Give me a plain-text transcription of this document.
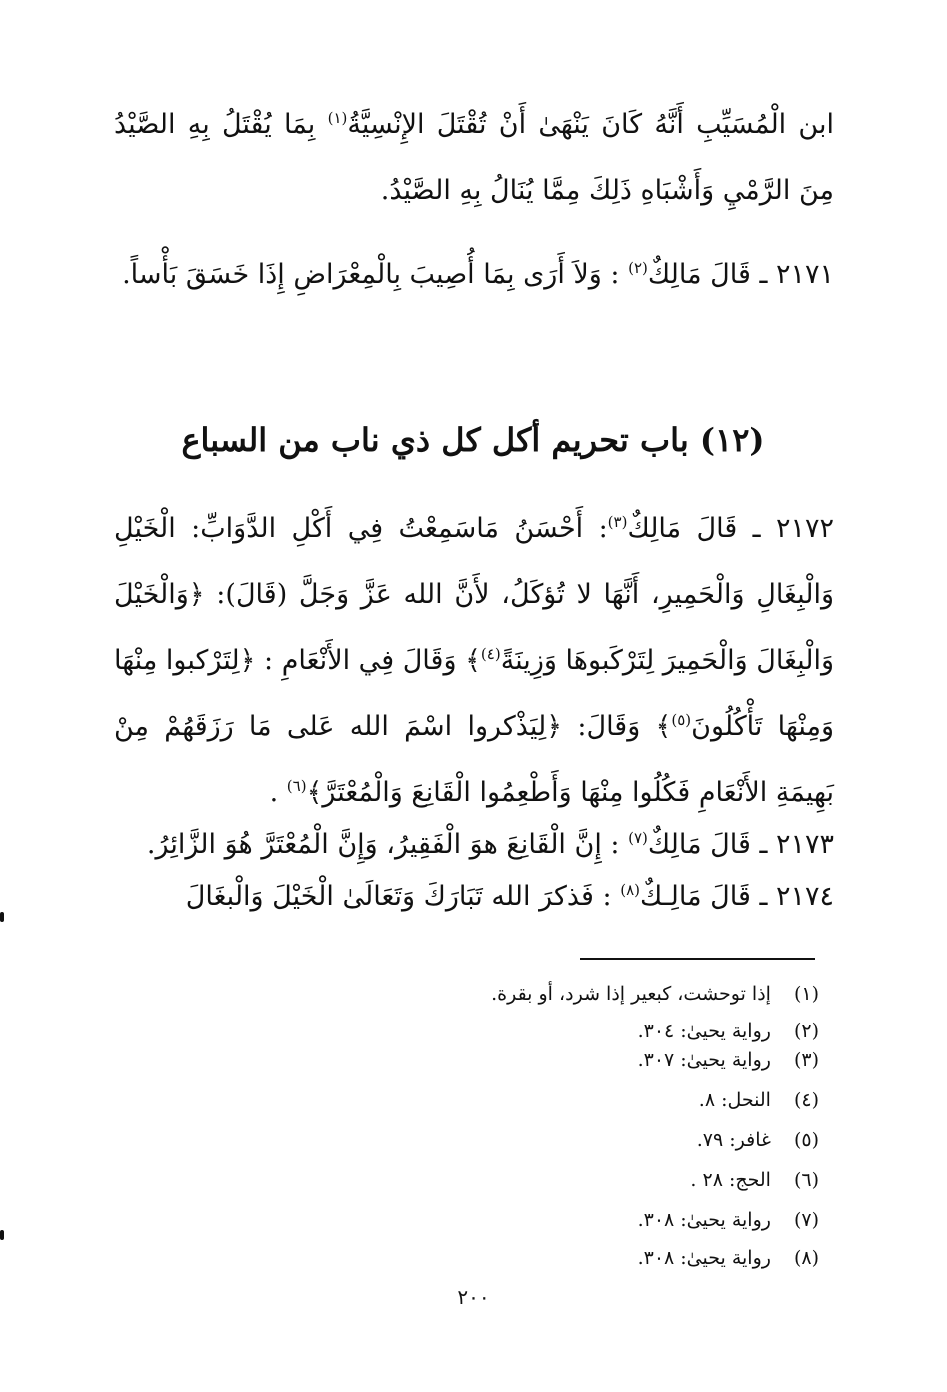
ابن الْمُسَيِّبِ أَنَّهُ كَانَ يَنْهَىٰ أَنْ تُقْتَلَ الإِنْسِيَّةُ$^{(١)}$ بِمَا يُقْتَلُ بِهِ الصَّيْدُ مِنَ الرَّمْيِ وَأَشْبَاهِ ذَلِكَ مِمَّا يُنَالُ بِهِ الصَّيْدُ.

٢١٧١ ـ قَالَ مَالِكٌ$^{(٢)}$ : وَلاَ أَرَى بِمَا أُصِيبَ بِالْمِعْرَاضِ إِذَا خَسَقَ بَأْساً.

(١٢) باب تحريم أكل كل ذي ناب من السباع

٢١٧٢ ـ قَالَ مَالِكٌ$^{(٣)}$: أَحْسَنُ مَاسَمِعْتُ فِي أَكْلِ الدَّوَابِّ: الْخَيْلِ وَالْبِغَالِ وَالْحَمِيرِ، أَنَّهَا لا تُؤكَلُ، لأَنَّ الله عَزَّ وَجَلَّ (قَالَ): ﴿وَالْخَيْلَ وَالْبِغَالَ وَالْحَمِيرَ لِتَرْكَبوهَا وَزِينَةً$^{(٤)}$﴾ وَقَالَ فِي الأَنْعَامِ : ﴿لِتَرْكبوا مِنْهَا وَمِنْهَا تَأْكُلُونَ$^{(٥)}$﴾ وَقَالَ: ﴿لِيَذْكروا اسْمَ الله عَلى مَا رَزَقَهُمْ مِنْ بَهِيمَةِ الأَنْعَامِ فَكُلُوا مِنْهَا وَأَطْعِمُوا الْقَانِعَ وَالْمُعْتَرَّ﴾$^{(٦)}$ .

٢١٧٣ ـ قَالَ مَالِكٌ$^{(٧)}$ : إِنَّ الْقَانِعَ هوَ الْفَقِيرُ، وَإِنَّ الْمُعْتَرَّ هُوَ الزَّائِرُ.

٢١٧٤ ـ قَالَ مَالِـكٌ$^{(٨)}$ : فَذكرَ الله تَبَارَكَ وَتَعَالَىٰ الْخَيْلَ وَالْبغَالَ

(١) إذا توحشت، كبعير إذا شرد، أو بقرة.

(٢) رواية يحيىٰ: ٣٠٤.

(٣) رواية يحيىٰ: ٣٠٧.

(٤) النحل: ٨.

(٥) غافر: ٧٩.

(٦) الحج: ٢٨ .

(٧) رواية يحيىٰ: ٣٠٨.

(٨) رواية يحيىٰ: ٣٠٨.

٢٠٠
